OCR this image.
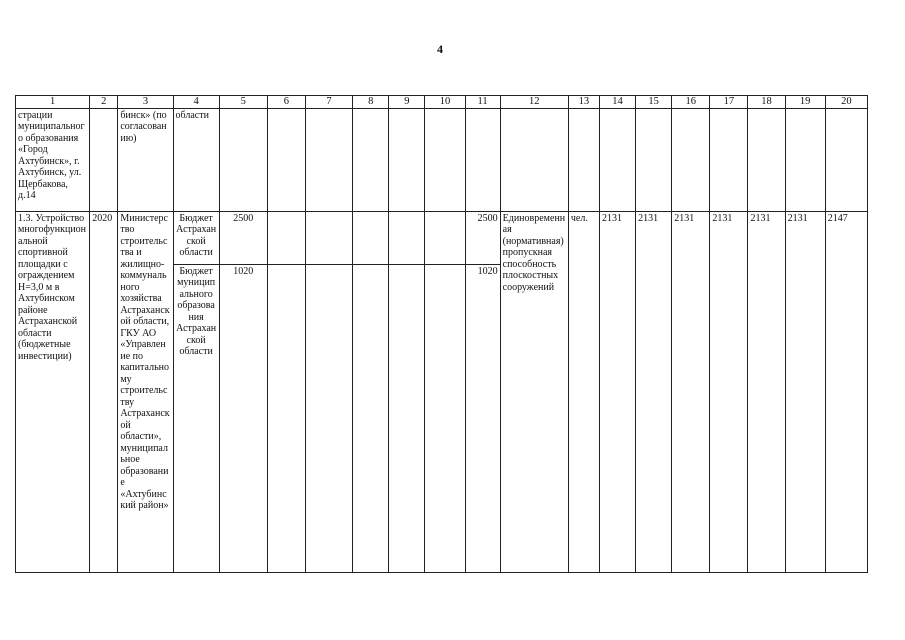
4
1	2	3	4	5	6	7	8	9	10	11	12	13	14	15	16	17	18	19	20
страции муниципального образования «Город Ахтубинск», г. Ахтубинск, ул. Щербакова, д.14		бинск» (по согласованию)	области																
1.3. Устройство многофункциональной спортивной площадки с ограждением Н=3,0 м в Ахтубинском районе Астраханской области (бюджетные инвестиции)	2020	Министерство строительства и жилищно-коммунального хозяйства Астраханской области, ГКУ АО «Управление по капитальному строительству Астраханской области», муниципальное образование «Ахтубинский район»	Бюджет Астраханской области	2500						2500	Единовременная (нормативная) пропускная способность плоскостных сооружений	чел.	2131	2131	2131	2131	2131	2131	2147
			Бюджет муниципального образования Астраханской области	1020						1020									
